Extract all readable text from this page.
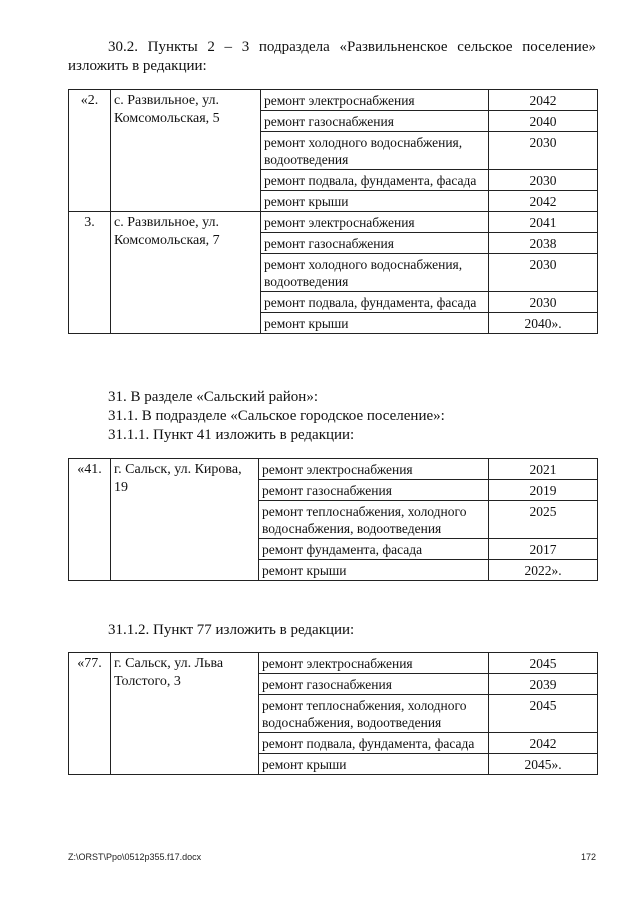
30.2. Пункты 2 – 3 подраздела «Развильненское сельское поселение» изложить в редакции:
«2.	с. Развильное, ул. Комсомольская, 5	ремонт электроснабжения	2042
		ремонт газоснабжения	2040
		ремонт холодного водоснабжения, водоотведения	2030
		ремонт подвала, фундамента, фасада	2030
		ремонт крыши	2042
3.	с. Развильное, ул. Комсомольская, 7	ремонт электроснабжения	2041
		ремонт газоснабжения	2038
		ремонт холодного водоснабжения, водоотведения	2030
		ремонт подвала, фундамента, фасада	2030
		ремонт крыши	2040».
31. В разделе «Сальский район»:
31.1. В подразделе «Сальское городское поселение»:
31.1.1. Пункт 41 изложить в редакции:
«41.	г. Сальск, ул. Кирова, 19	ремонт электроснабжения	2021
		ремонт газоснабжения	2019
		ремонт теплоснабжения, холодного водоснабжения, водоотведения	2025
		ремонт фундамента, фасада	2017
		ремонт крыши	2022».
31.1.2. Пункт 77 изложить в редакции:
«77.	г. Сальск, ул. Льва Толстого, 3	ремонт электроснабжения	2045
		ремонт газоснабжения	2039
		ремонт теплоснабжения, холодного водоснабжения, водоотведения	2045
		ремонт подвала, фундамента, фасада	2042
		ремонт крыши	2045».
Z:\ORST\Ppo\0512p355.f17.docx	172
